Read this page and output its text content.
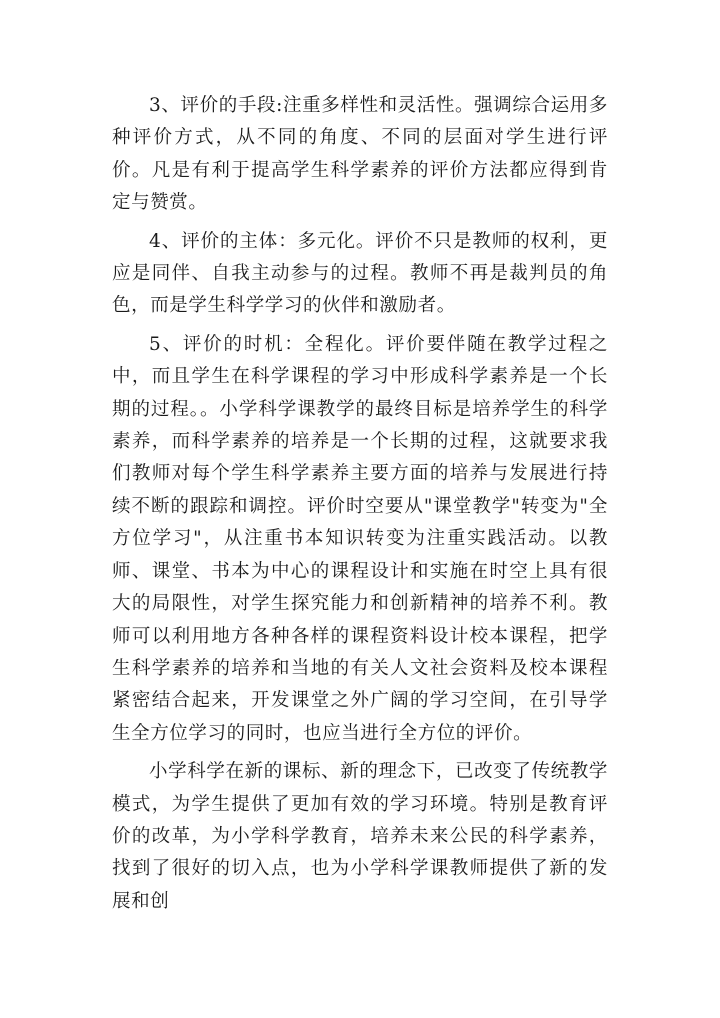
3、评价的手段:注重多样性和灵活性。强调综合运用多种评价方式，从不同的角度、不同的层面对学生进行评价。凡是有利于提高学生科学素养的评价方法都应得到肯定与赞赏。

4、评价的主体：多元化。评价不只是教师的权利，更应是同伴、自我主动参与的过程。教师不再是裁判员的角色，而是学生科学学习的伙伴和激励者。

5、评价的时机：全程化。评价要伴随在教学过程之中，而且学生在科学课程的学习中形成科学素养是一个长期的过程。。小学科学课教学的最终目标是培养学生的科学素养，而科学素养的培养是一个长期的过程，这就要求我们教师对每个学生科学素养主要方面的培养与发展进行持续不断的跟踪和调控。评价时空要从"课堂教学"转变为"全方位学习"，从注重书本知识转变为注重实践活动。以教师、课堂、书本为中心的课程设计和实施在时空上具有很大的局限性，对学生探究能力和创新精神的培养不利。教师可以利用地方各种各样的课程资料设计校本课程，把学生科学素养的培养和当地的有关人文社会资料及校本课程紧密结合起来，开发课堂之外广阔的学习空间，在引导学生全方位学习的同时，也应当进行全方位的评价。

小学科学在新的课标、新的理念下，已改变了传统教学模式，为学生提供了更加有效的学习环境。特别是教育评价的改革，为小学科学教育，培养未来公民的科学素养，找到了很好的切入点，也为小学科学课教师提供了新的发展和创
